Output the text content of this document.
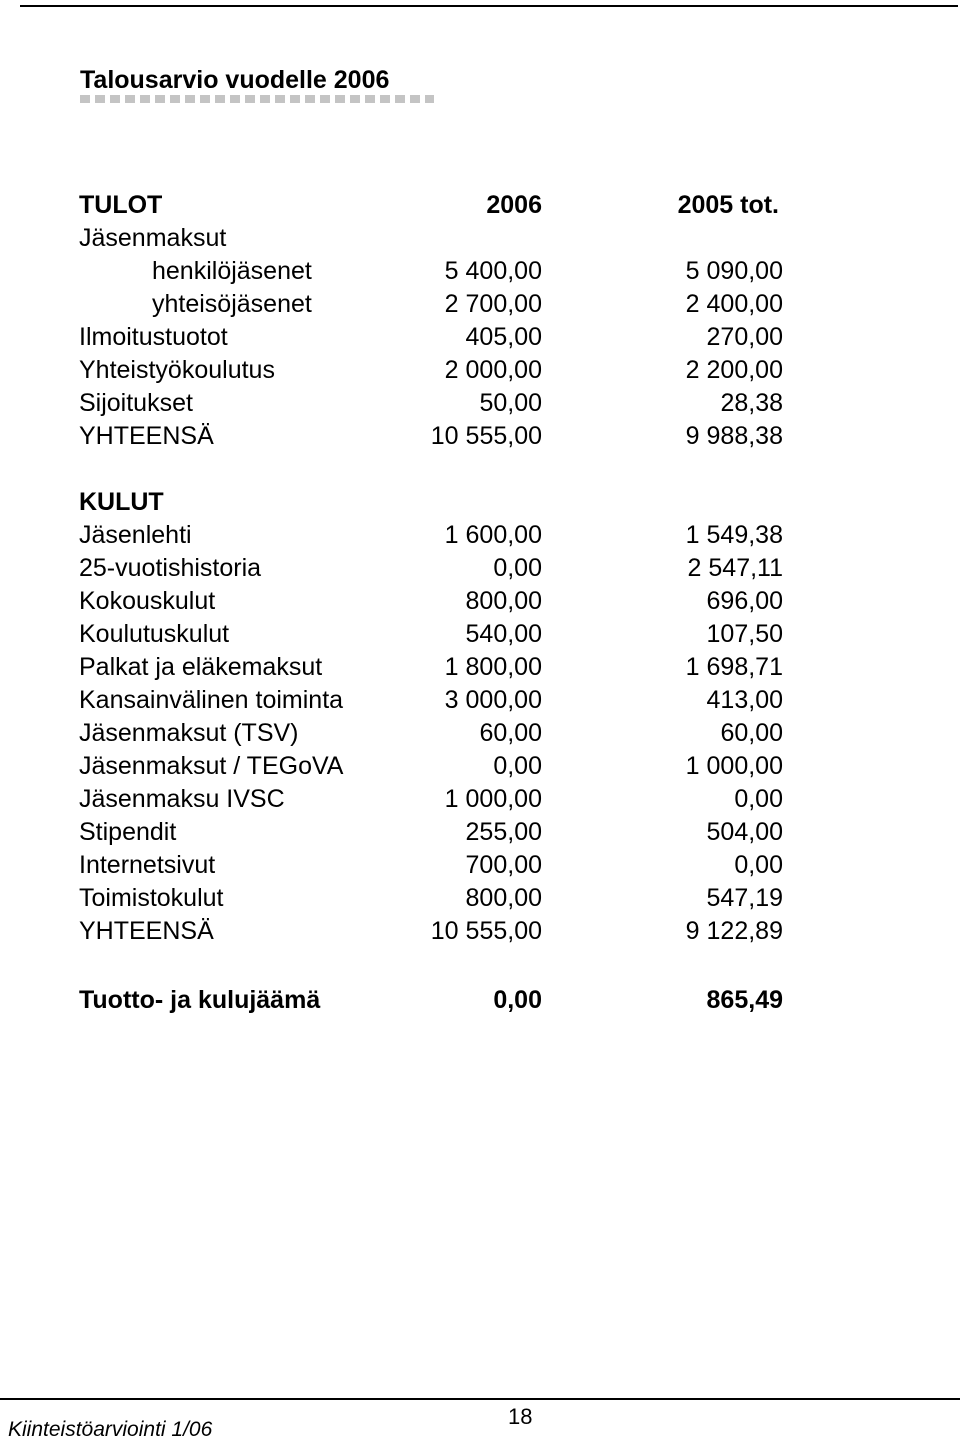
Talousarvio vuodelle 2006
TULOT	2006	2005 tot.
Jäsenmaksut
henkilöjäsenet	5 400,00	5 090,00
yhteisöjäsenet	2 700,00	2 400,00
Ilmoitustuotot	405,00	270,00
Yhteistyökoulutus	2 000,00	2 200,00
Sijoitukset	50,00	28,38
YHTEENSÄ	10 555,00	9 988,38
KULUT
Jäsenlehti	1 600,00	1 549,38
25-vuotishistoria	0,00	2 547,11
Kokouskulut	800,00	696,00
Koulutuskulut	540,00	107,50
Palkat ja eläkemaksut	1 800,00	1 698,71
Kansainvälinen toiminta	3 000,00	413,00
Jäsenmaksut (TSV)	60,00	60,00
Jäsenmaksut / TEGoVA	0,00	1 000,00
Jäsenmaksu IVSC	1 000,00	0,00
Stipendit	255,00	504,00
Internetsivut	700,00	0,00
Toimistokulut	800,00	547,19
YHTEENSÄ	10 555,00	9 122,89
Tuotto- ja kulujäämä	0,00	865,49
Kiinteistöarviointi 1/06
18
